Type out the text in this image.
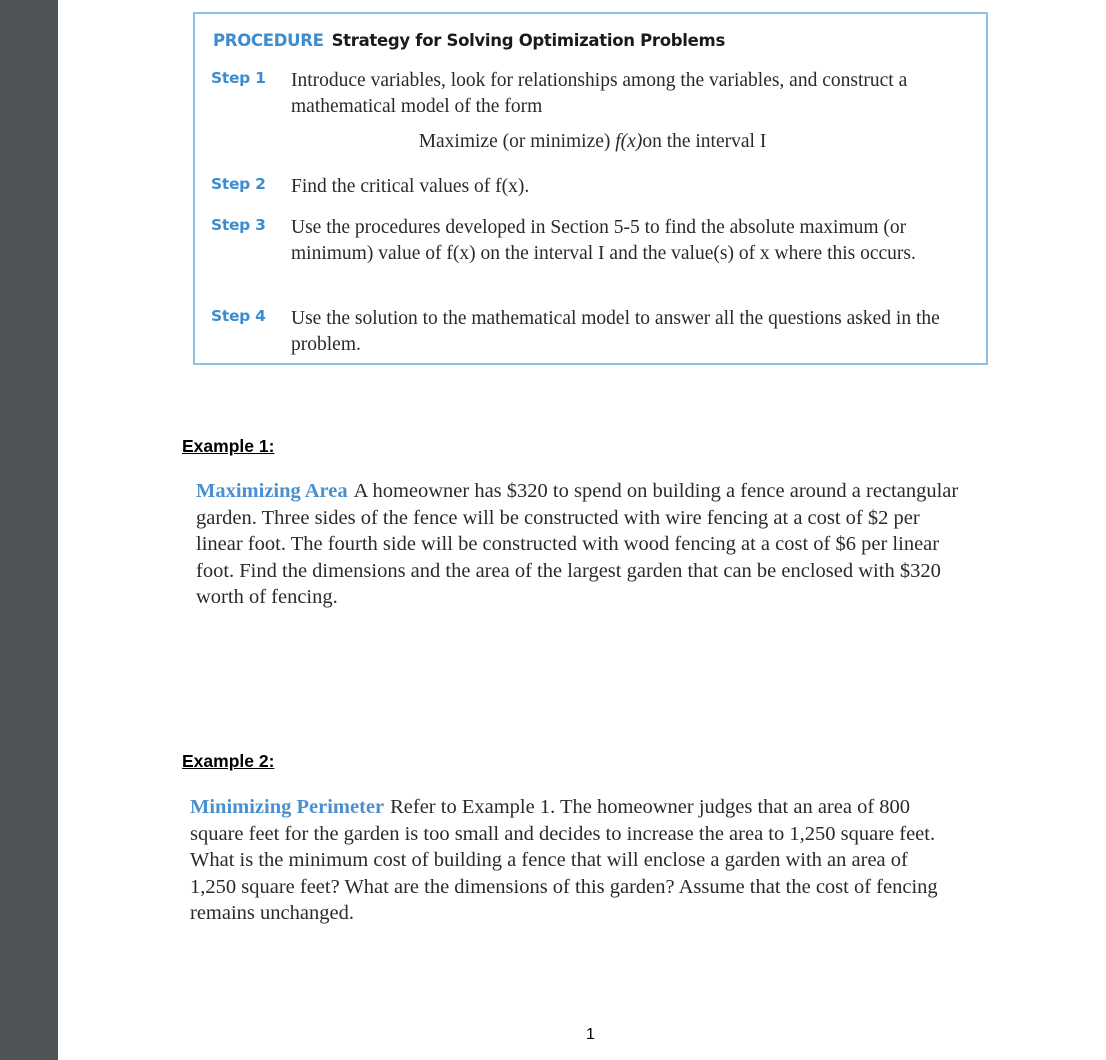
PROCEDURE Strategy for Solving Optimization Problems
Step 1 Introduce variables, look for relationships among the variables, and construct a mathematical model of the form
Maximize (or minimize) f(x)on the interval I
Step 2 Find the critical values of f(x).
Step 3 Use the procedures developed in Section 5-5 to find the absolute maximum (or minimum) value of f(x) on the interval I and the value(s) of x where this occurs.
Step 4 Use the solution to the mathematical model to answer all the questions asked in the problem.
Example 1:
Maximizing Area A homeowner has $320 to spend on building a fence around a rectangular garden. Three sides of the fence will be constructed with wire fencing at a cost of $2 per linear foot. The fourth side will be constructed with wood fencing at a cost of $6 per linear foot. Find the dimensions and the area of the largest garden that can be enclosed with $320 worth of fencing.
Example 2:
Minimizing Perimeter Refer to Example 1. The homeowner judges that an area of 800 square feet for the garden is too small and decides to increase the area to 1,250 square feet. What is the minimum cost of building a fence that will enclose a garden with an area of 1,250 square feet? What are the dimensions of this garden? Assume that the cost of fencing remains unchanged.
1
